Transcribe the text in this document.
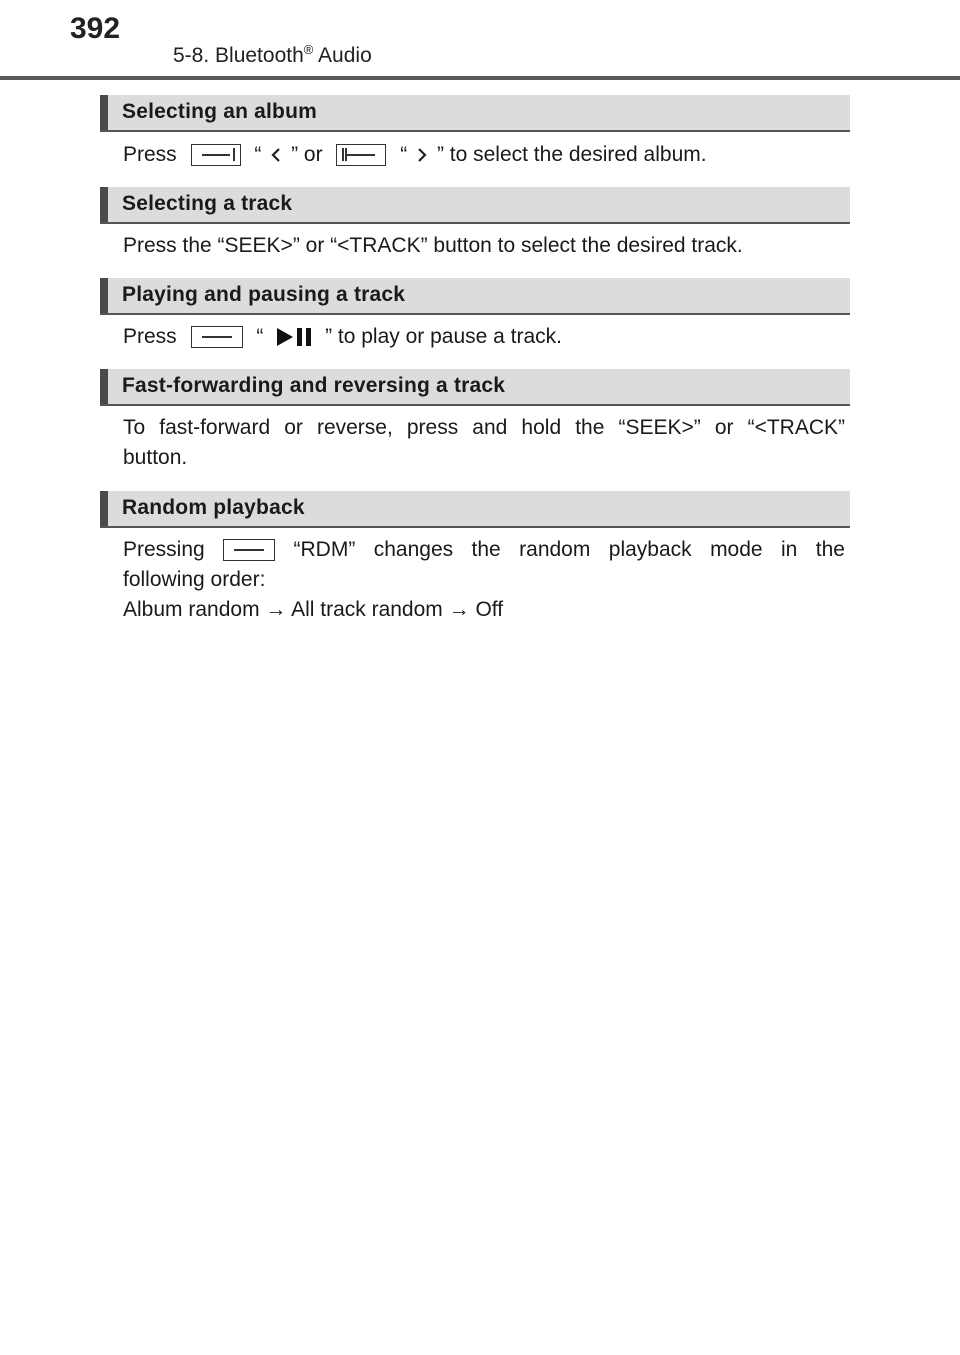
392
5-8. Bluetooth® Audio
Selecting an album
Press	“ ” or	“ ” to select the desired album.
Selecting a track
Press the “SEEK>” or “<TRACK” button to select the desired track.
Playing and pausing a track
Press	“	” to play or pause a track.
Fast-forwarding and reversing a track
To fast-forward or reverse, press and hold the “SEEK>” or “<TRACK”
button.
Random playback
Pressing	“RDM” changes the random playback mode in the
following order:
Album random → All track random → Off
